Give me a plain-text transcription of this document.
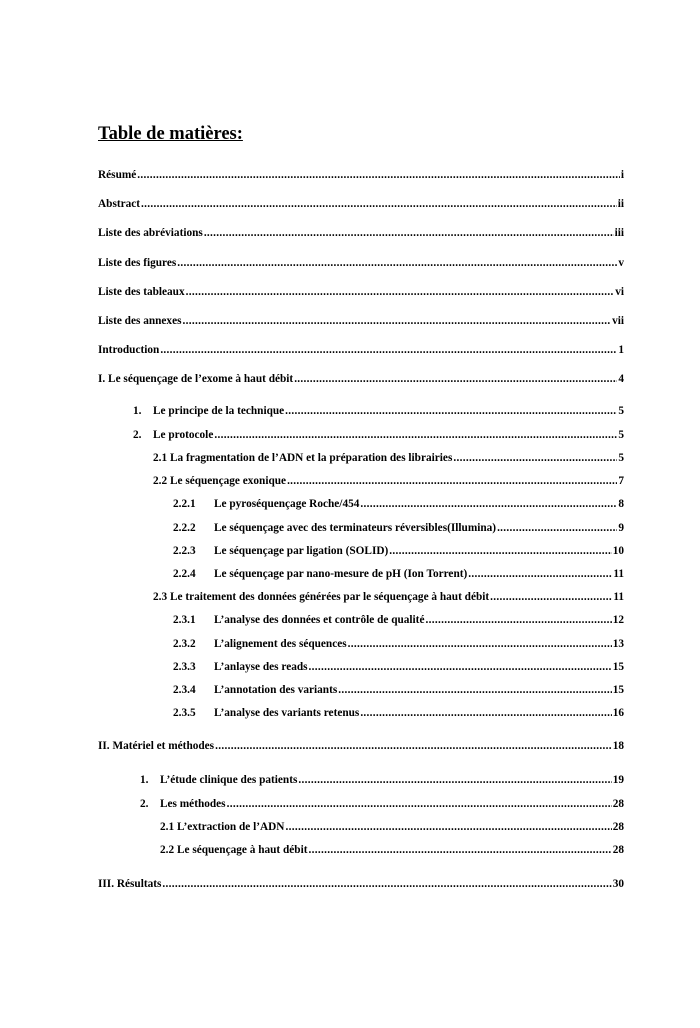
Table de matières:
Résumé .....	i
Abstract .....	ii
Liste des abréviations .....	iii
Liste des figures .....	v
Liste des tableaux .....	vi
Liste des annexes .....	vii
Introduction .....	1
I. Le séquençage de l’exome à haut débit .....	4
1.	Le principe de la technique .....	5
2.	Le protocole .....	5
2.1 La fragmentation de l’ADN et la préparation des librairies .....	5
2.2 Le séquençage exonique .....	7
2.2.1	Le pyroséquençage Roche/454 .....	8
2.2.2	Le séquençage avec des terminateurs réversibles(Illumina) .....	9
2.2.3	Le séquençage par ligation (SOLID) .....	10
2.2.4	Le séquençage par nano-mesure de pH (Ion Torrent) .....	11
2.3 Le traitement des données générées par le séquençage à haut débit .....	11
2.3.1	L’analyse des données et contrôle de qualité .....	12
2.3.2	L’alignement des séquences .....	13
2.3.3	L’anlayse des reads .....	15
2.3.4	L’annotation des variants .....	15
2.3.5	L’analyse des variants retenus .....	16
II. Matériel et méthodes .....	18
1.	L’étude clinique des patients .....	19
2.	Les méthodes .....	28
2.1 L’extraction de l’ADN .....	28
2.2 Le séquençage à haut débit .....	28
III. Résultats .....	30
